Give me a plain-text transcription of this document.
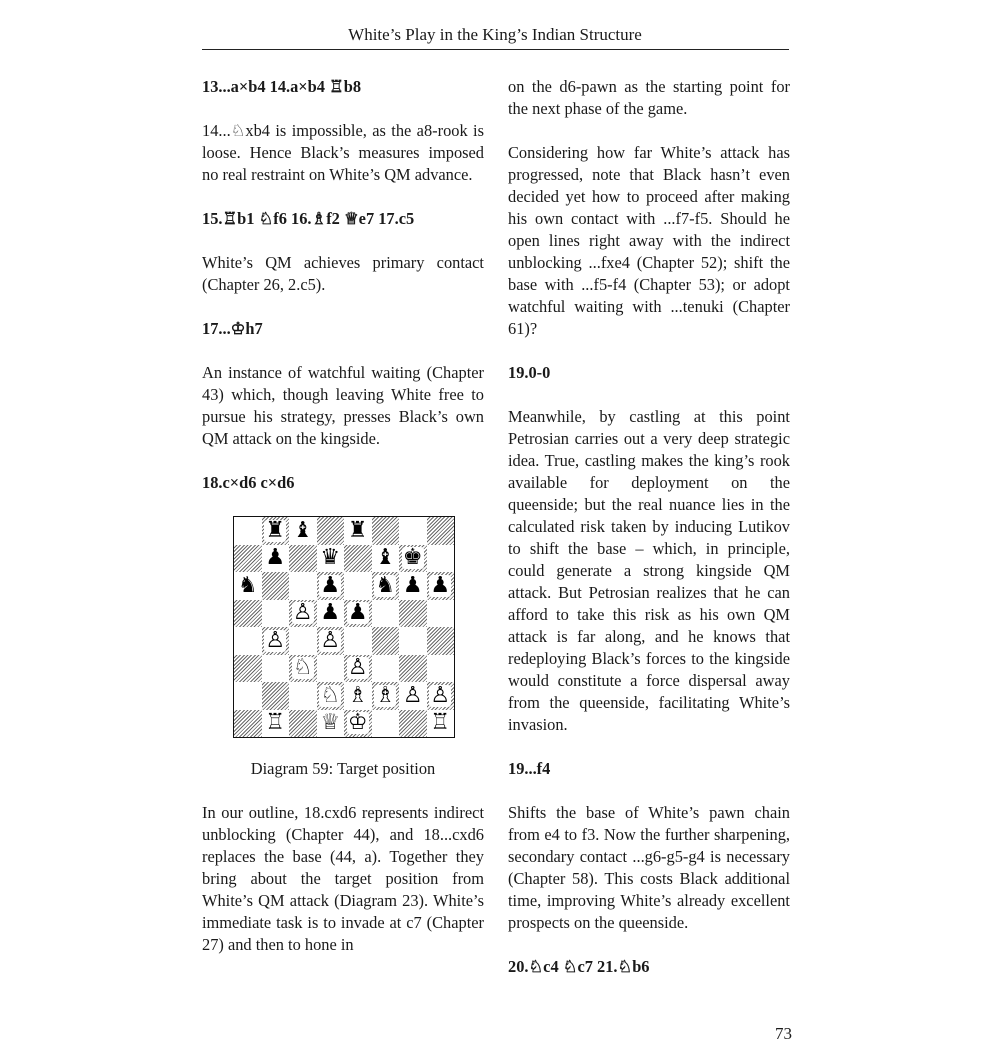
White’s Play in the King’s Indian Structure

13...a×b4 14.a×b4 ♖b8

14...♘xb4 is impossible, as the a8-rook is loose. Hence Black’s measures imposed no real restraint on White’s QM advance.

15.♖b1 ♘f6 16.♗f2 ♕e7 17.c5

White’s QM achieves primary contact (Chapter 26, 2.c5).

17...♔h7

An instance of watchful waiting (Chapter 43) which, though leaving White free to pursue his strategy, presses Black’s own QM attack on the kingside.

18.c×d6 c×d6

♜ ♝ ♜
♟ ♛ ♝ ♚
♞	♟ ♞ ♟ ♟
♙ ♟ ♟
♙ ♙
♘ ♙
♘ ♗ ♗ ♙ ♙
♖ ♕ ♔	♖

Diagram 59: Target position

In our outline, 18.cxd6 represents indirect unblocking (Chapter 44), and 18...cxd6 replaces the base (44, a). Together they bring about the target position from White’s QM attack (Diagram 23). White’s immediate task is to invade at c7 (Chapter 27) and then to hone in

on the d6-pawn as the starting point for the next phase of the game.

Considering how far White’s attack has progressed, note that Black hasn’t even decided yet how to proceed after making his own contact with ...f7-f5. Should he open lines right away with the indirect unblocking ...fxe4 (Chapter 52); shift the base with ...f5-f4 (Chapter 53); or adopt watchful waiting with ...tenuki (Chapter 61)?

19.0-0

Meanwhile, by castling at this point Petrosian carries out a very deep strategic idea. True, castling makes the king’s rook available for deployment on the queenside; but the real nuance lies in the calculated risk taken by inducing Lutikov to shift the base – which, in principle, could generate a strong kingside QM attack. But Petrosian realizes that he can afford to take this risk as his own QM attack is far along, and he knows that redeploying Black’s forces to the kingside would constitute a force dispersal away from the queenside, facilitating White’s invasion.

19...f4

Shifts the base of White’s pawn chain from e4 to f3. Now the further sharpening, secondary contact ...g6-g5-g4 is necessary (Chapter 58). This costs Black additional time, improving White’s already excellent prospects on the queenside.

20.♘c4 ♘c7 21.♘b6

73
